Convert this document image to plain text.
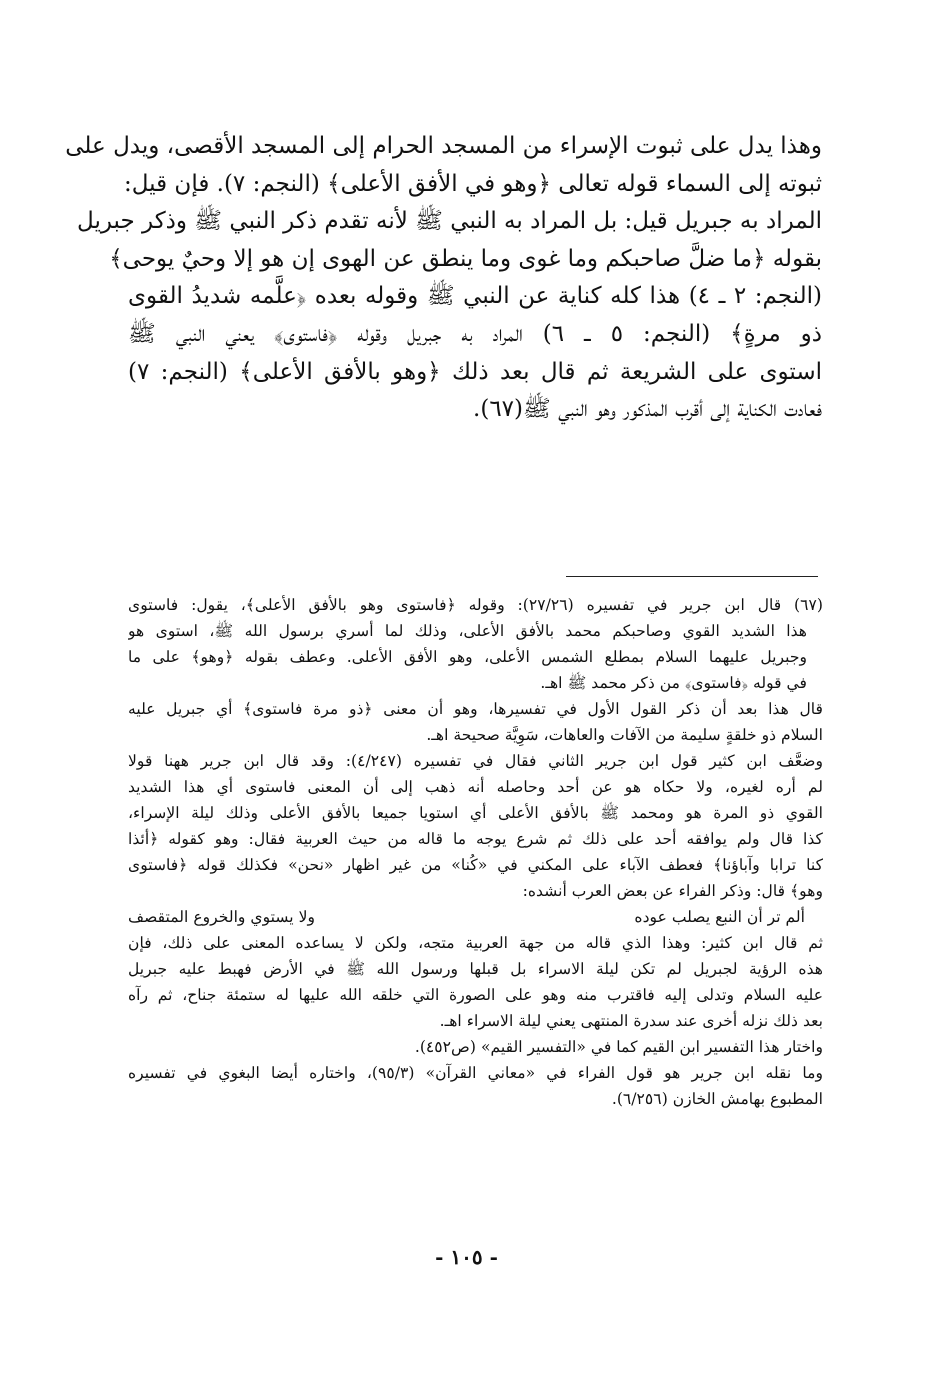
وهذا يدل على ثبوت الإسراء من المسجد الحرام إلى المسجد الأقصى، ويدل على
ثبوته إلى السماء قوله تعالى ﴿وهو في الأفق الأعلى﴾ (النجم: ٧). فإن قيل:
المراد به جبريل قيل: بل المراد به النبي ﷺ لأنه تقدم ذكر النبي ﷺ وذكر جبريل
بقوله ﴿ما ضلَّ صاحبكم وما غوى وما ينطق عن الهوى إن هو إلا وحيٌ يوحى﴾
(النجم: ٢ ـ ٤) هذا كله كناية عن النبي ﷺ وقوله بعده ﴿علَّمه شديدُ القوى
ذو مرةٍ﴾ (النجم: ٥ ـ ٦) المراد به جبريل وقوله ﴿فاستوى﴾ يعني النبي ﷺ
استوى على الشريعة ثم قال بعد ذلك ﴿وهو بالأفق الأعلى﴾ (النجم: ٧)
فعادت الكناية إلى أقرب المذكور وهو النبي ﷺ(٦٧).
(٦٧) قال ابن جرير في تفسيره (٢٧/٢٦): وقوله ﴿فاستوى وهو بالأفق الأعلى﴾، يقول: فاستوى
هذا الشديد القوي وصاحبكم محمد بالأفق الأعلى، وذلك لما أسري برسول الله ﷺ، استوى هو
وجبريل عليهما السلام بمطلع الشمس الأعلى، وهو الأفق الأعلى. وعطف بقوله ﴿وهو﴾ على ما
في قوله ﴿فاستوى﴾ من ذكر محمد ﷺ اهـ.
قال هذا بعد أن ذكر القول الأول في تفسيرها، وهو أن معنى ﴿ذو مرة فاستوى﴾ أي جبريل عليه
السلام ذو خلقةٍ سليمة من الآفات والعاهات، سَوِيَّة صحيحة اهـ.
وضعَّف ابن كثير قول ابن جرير الثاني فقال في تفسيره (٤/٢٤٧): وقد قال ابن جرير ههنا قولا
لم أره لغيره، ولا حكاه هو عن أحد وحاصله أنه ذهب إلى أن المعنى فاستوى أي هذا الشديد
القوي ذو المرة هو ومحمد ﷺ بالأفق الأعلى أي استويا جميعا بالأفق الأعلى وذلك ليلة الإسراء،
كذا قال ولم يوافقه أحد على ذلك ثم شرع يوجه ما قاله من حيث العربية فقال: وهو كقوله ﴿أئذا
كنا ترابا وآباؤنا﴾ فعطف الآباء على المكني في «كُنا» من غير اظهار «نحن» فكذلك قوله ﴿فاستوى
وهو﴾ قال: وذكر الفراء عن بعض العرب أنشده:
ألم تر أن النبع يصلب عوده
ولا يستوي والخروع المتقصف
ثم قال ابن كثير: وهذا الذي قاله من جهة العربية متجه، ولكن لا يساعده المعنى على ذلك، فإن
هذه الرؤية لجبريل لم تكن ليلة الاسراء بل قبلها ورسول الله ﷺ في الأرض فهبط عليه جبريل
عليه السلام وتدلى إليه فاقترب منه وهو على الصورة التي خلقه الله عليها له ستمئة جناح، ثم رآه
بعد ذلك نزله أخرى عند سدرة المنتهى يعني ليلة الاسراء اهـ.
واختار هذا التفسير ابن القيم كما في «التفسير القيم» (ص٤٥٢).
وما نقله ابن جرير هو قول الفراء في «معاني القرآن» (٩٥/٣)، واختاره أيضا البغوي في تفسيره
المطبوع بهامش الخازن (٦/٢٥٦).
- ١٠٥ -
